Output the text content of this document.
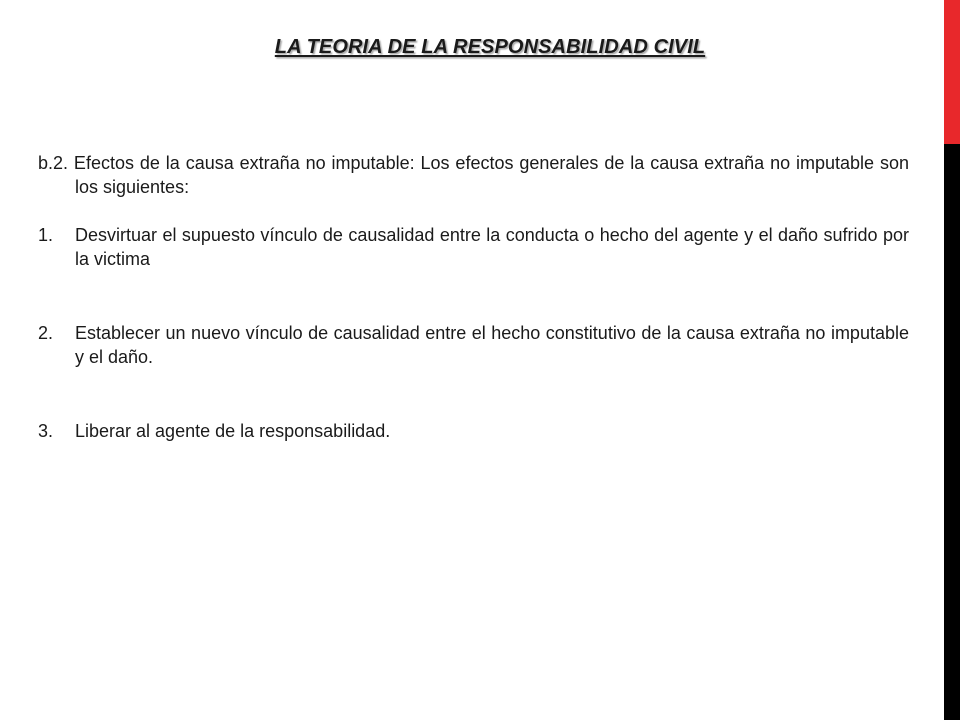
LA TEORIA DE LA RESPONSABILIDAD CIVIL

b.2. Efectos de la causa extraña no imputable: Los efectos generales de la causa extraña no imputable son los siguientes:

1. Desvirtuar el supuesto vínculo de causalidad entre la conducta o hecho del agente y el daño sufrido por la victima

2. Establecer un nuevo vínculo de causalidad entre el hecho constitutivo de la causa extraña no imputable y el daño.

3. Liberar al agente de la responsabilidad.
